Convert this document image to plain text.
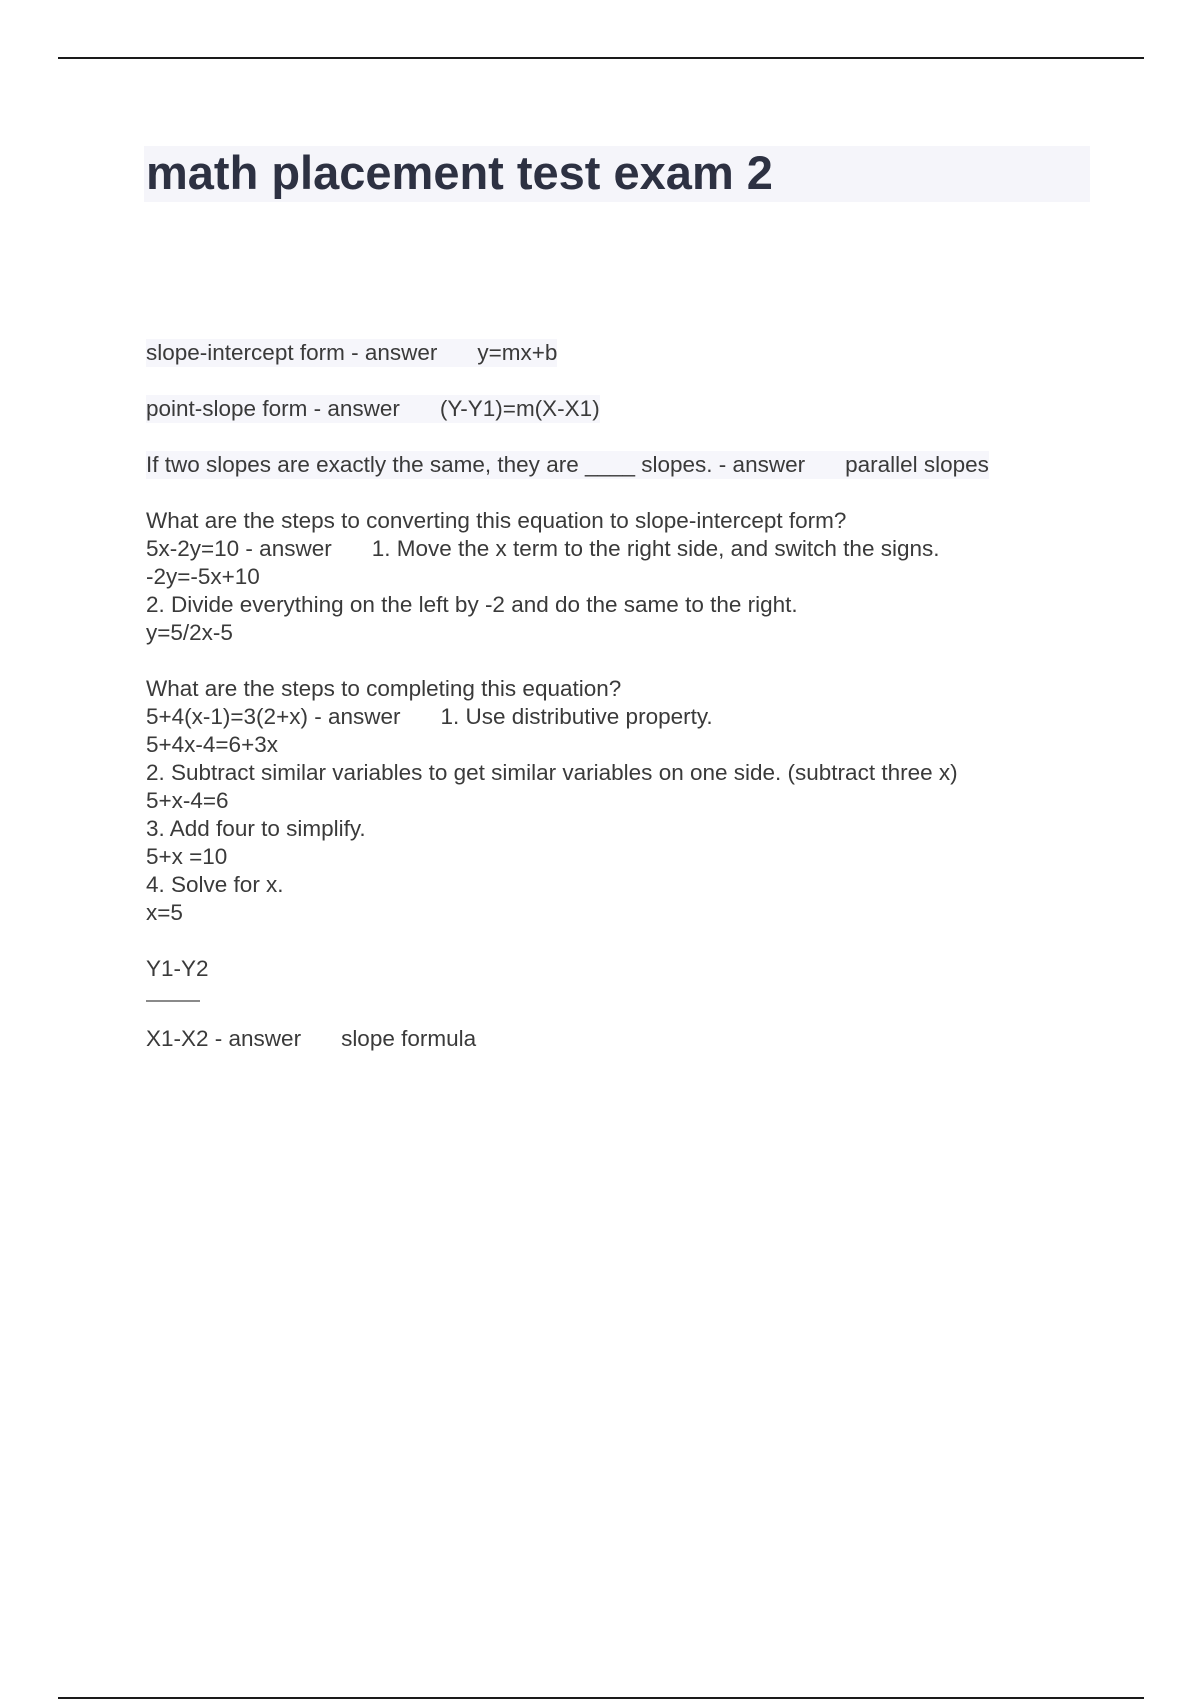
math placement test exam 2
slope-intercept form - answer y=mx+b
point-slope form - answer (Y-Y1)=m(X-X1)
If two slopes are exactly the same, they are ____ slopes. - answer parallel slopes
What are the steps to converting this equation to slope-intercept form?
5x-2y=10 - answer 1. Move the x term to the right side, and switch the signs.
-2y=-5x+10
2. Divide everything on the left by -2 and do the same to the right.
y=5/2x-5
What are the steps to completing this equation?
5+4(x-1)=3(2+x) - answer 1. Use distributive property.
5+4x-4=6+3x
2. Subtract similar variables to get similar variables on one side. (subtract three x)
5+x-4=6
3. Add four to simplify.
5+x =10
4. Solve for x.
x=5
Y1-Y2
X1-X2 - answer slope formula
